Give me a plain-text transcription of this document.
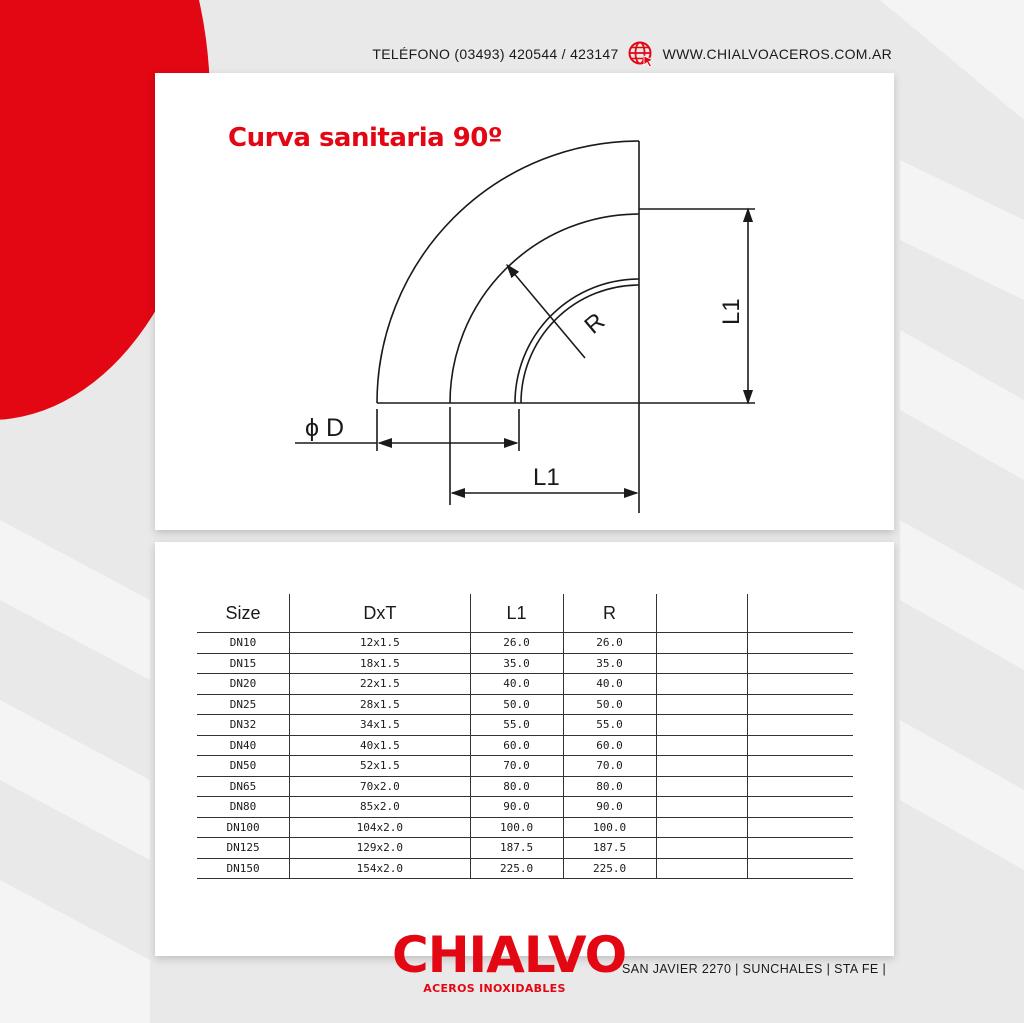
TELÉFONO (03493) 420544 / 423147	WWW.CHIALVOACEROS.COM.AR
Curva sanitaria 90º
R	L1
L1
ϕ D
Size	DxT	L1	R		
DN10	12x1.5	26.0	26.0		
DN15	18x1.5	35.0	35.0		
DN20	22x1.5	40.0	40.0		
DN25	28x1.5	50.0	50.0		
DN32	34x1.5	55.0	55.0		
DN40	40x1.5	60.0	60.0		
DN50	52x1.5	70.0	70.0		
DN65	70x2.0	80.0	80.0		
DN80	85x2.0	90.0	90.0		
DN100	104x2.0	100.0	100.0		
DN125	129x2.0	187.5	187.5		
DN150	154x2.0	225.0	225.0		
CHIALVO
ACEROS INOXIDABLES
SAN JAVIER 2270 | SUNCHALES | STA FE |
